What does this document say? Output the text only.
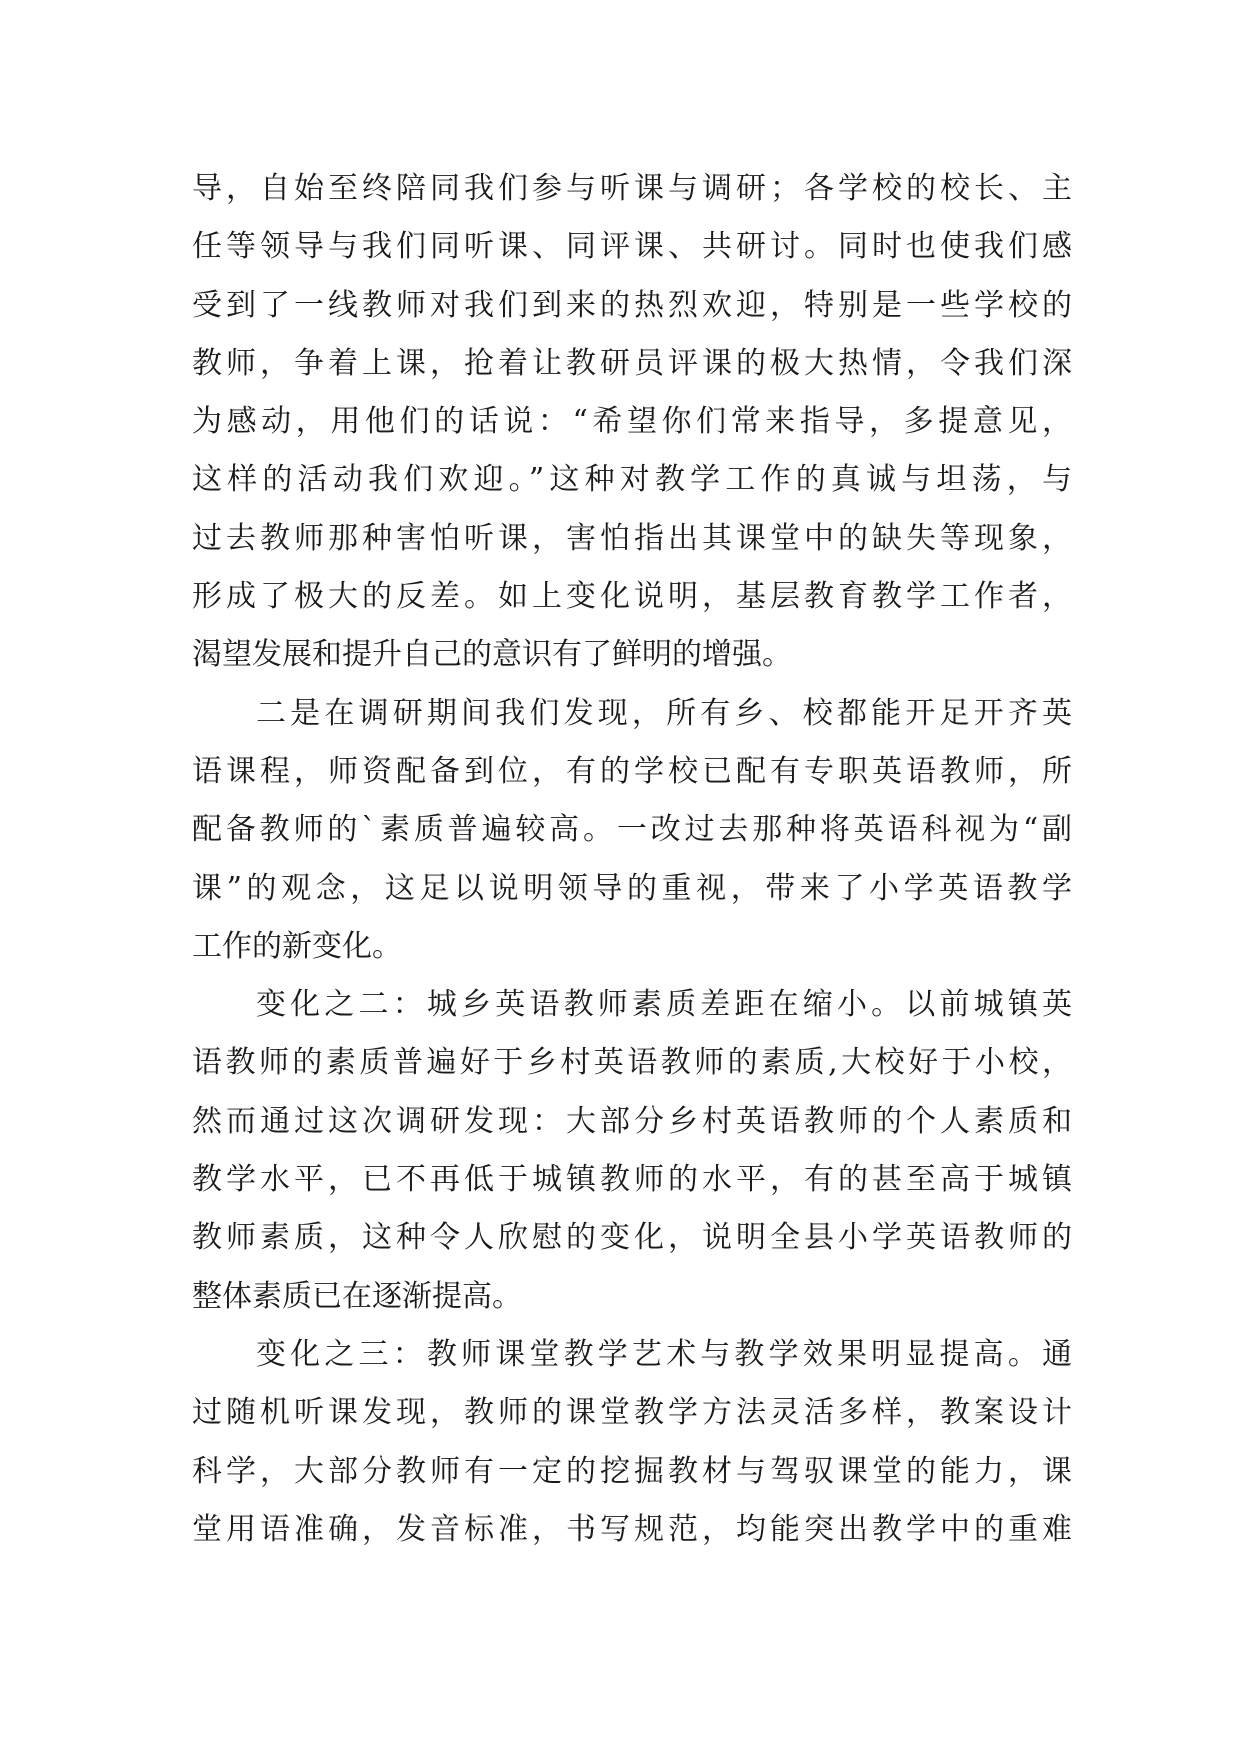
导，自始至终陪同我们参与听课与调研；各学校的校长、主
任等领导与我们同听课、同评课、共研讨。同时也使我们感
受到了一线教师对我们到来的热烈欢迎，特别是一些学校的
教师，争着上课，抢着让教研员评课的极大热情，令我们深
为感动，用他们的话说：“希望你们常来指导，多提意见，
这样的活动我们欢迎。”这种对教学工作的真诚与坦荡，与
过去教师那种害怕听课，害怕指出其课堂中的缺失等现象，
形成了极大的反差。如上变化说明，基层教育教学工作者，
渴望发展和提升自己的意识有了鲜明的增强。
二是在调研期间我们发现，所有乡、校都能开足开齐英
语课程，师资配备到位，有的学校已配有专职英语教师，所
配备教师的`素质普遍较高。一改过去那种将英语科视为“副
课”的观念，这足以说明领导的重视，带来了小学英语教学
工作的新变化。
变化之二：城乡英语教师素质差距在缩小。以前城镇英
语教师的素质普遍好于乡村英语教师的素质,大校好于小校，
然而通过这次调研发现：大部分乡村英语教师的个人素质和
教学水平，已不再低于城镇教师的水平，有的甚至高于城镇
教师素质，这种令人欣慰的变化，说明全县小学英语教师的
整体素质已在逐渐提高。
变化之三：教师课堂教学艺术与教学效果明显提高。通
过随机听课发现，教师的课堂教学方法灵活多样，教案设计
科学，大部分教师有一定的挖掘教材与驾驭课堂的能力，课
堂用语准确，发音标准，书写规范，均能突出教学中的重难
